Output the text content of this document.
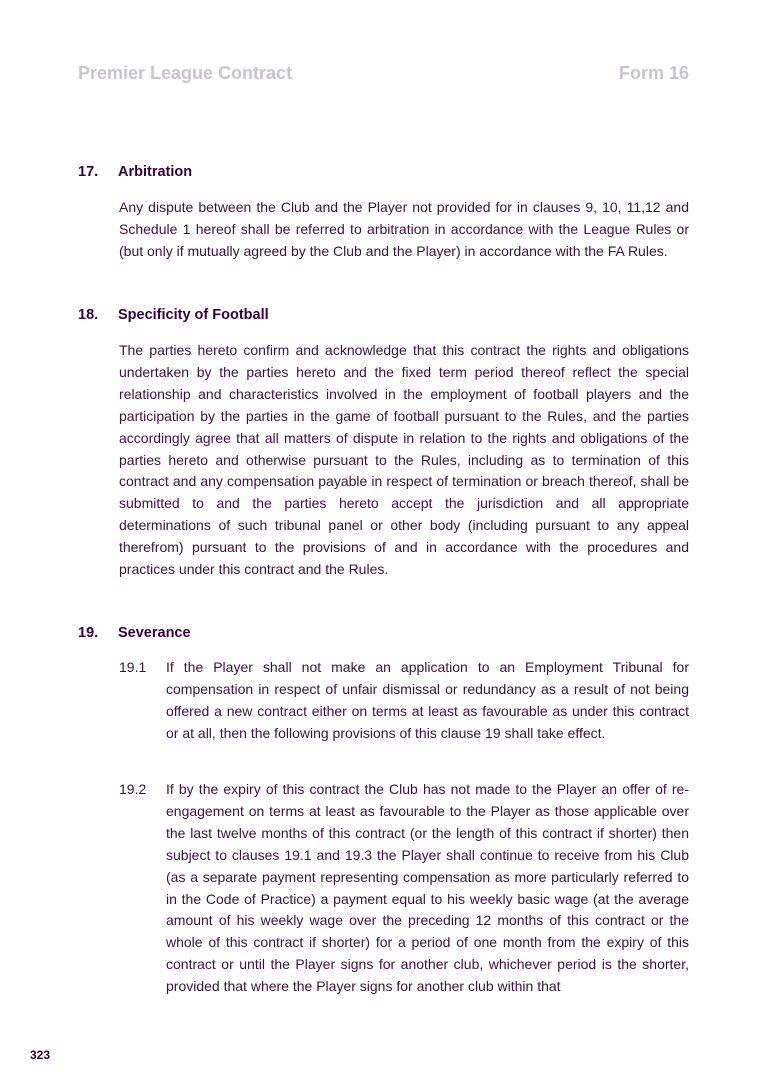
Premier League Contract	Form 16
17. Arbitration
Any dispute between the Club and the Player not provided for in clauses 9, 10, 11,12 and Schedule 1 hereof shall be referred to arbitration in accordance with the League Rules or (but only if mutually agreed by the Club and the Player) in accordance with the FA Rules.
18. Specificity of Football
The parties hereto confirm and acknowledge that this contract the rights and obligations undertaken by the parties hereto and the fixed term period thereof reflect the special relationship and characteristics involved in the employment of football players and the participation by the parties in the game of football pursuant to the Rules, and the parties accordingly agree that all matters of dispute in relation to the rights and obligations of the parties hereto and otherwise pursuant to the Rules, including as to termination of this contract and any compensation payable in respect of termination or breach thereof, shall be submitted to and the parties hereto accept the jurisdiction and all appropriate determinations of such tribunal panel or other body (including pursuant to any appeal therefrom) pursuant to the provisions of and in accordance with the procedures and practices under this contract and the Rules.
19. Severance
19.1 If the Player shall not make an application to an Employment Tribunal for compensation in respect of unfair dismissal or redundancy as a result of not being offered a new contract either on terms at least as favourable as under this contract or at all, then the following provisions of this clause 19 shall take effect.
19.2 If by the expiry of this contract the Club has not made to the Player an offer of re-engagement on terms at least as favourable to the Player as those applicable over the last twelve months of this contract (or the length of this contract if shorter) then subject to clauses 19.1 and 19.3 the Player shall continue to receive from his Club (as a separate payment representing compensation as more particularly referred to in the Code of Practice) a payment equal to his weekly basic wage (at the average amount of his weekly wage over the preceding 12 months of this contract or the whole of this contract if shorter) for a period of one month from the expiry of this contract or until the Player signs for another club, whichever period is the shorter, provided that where the Player signs for another club within that
323
